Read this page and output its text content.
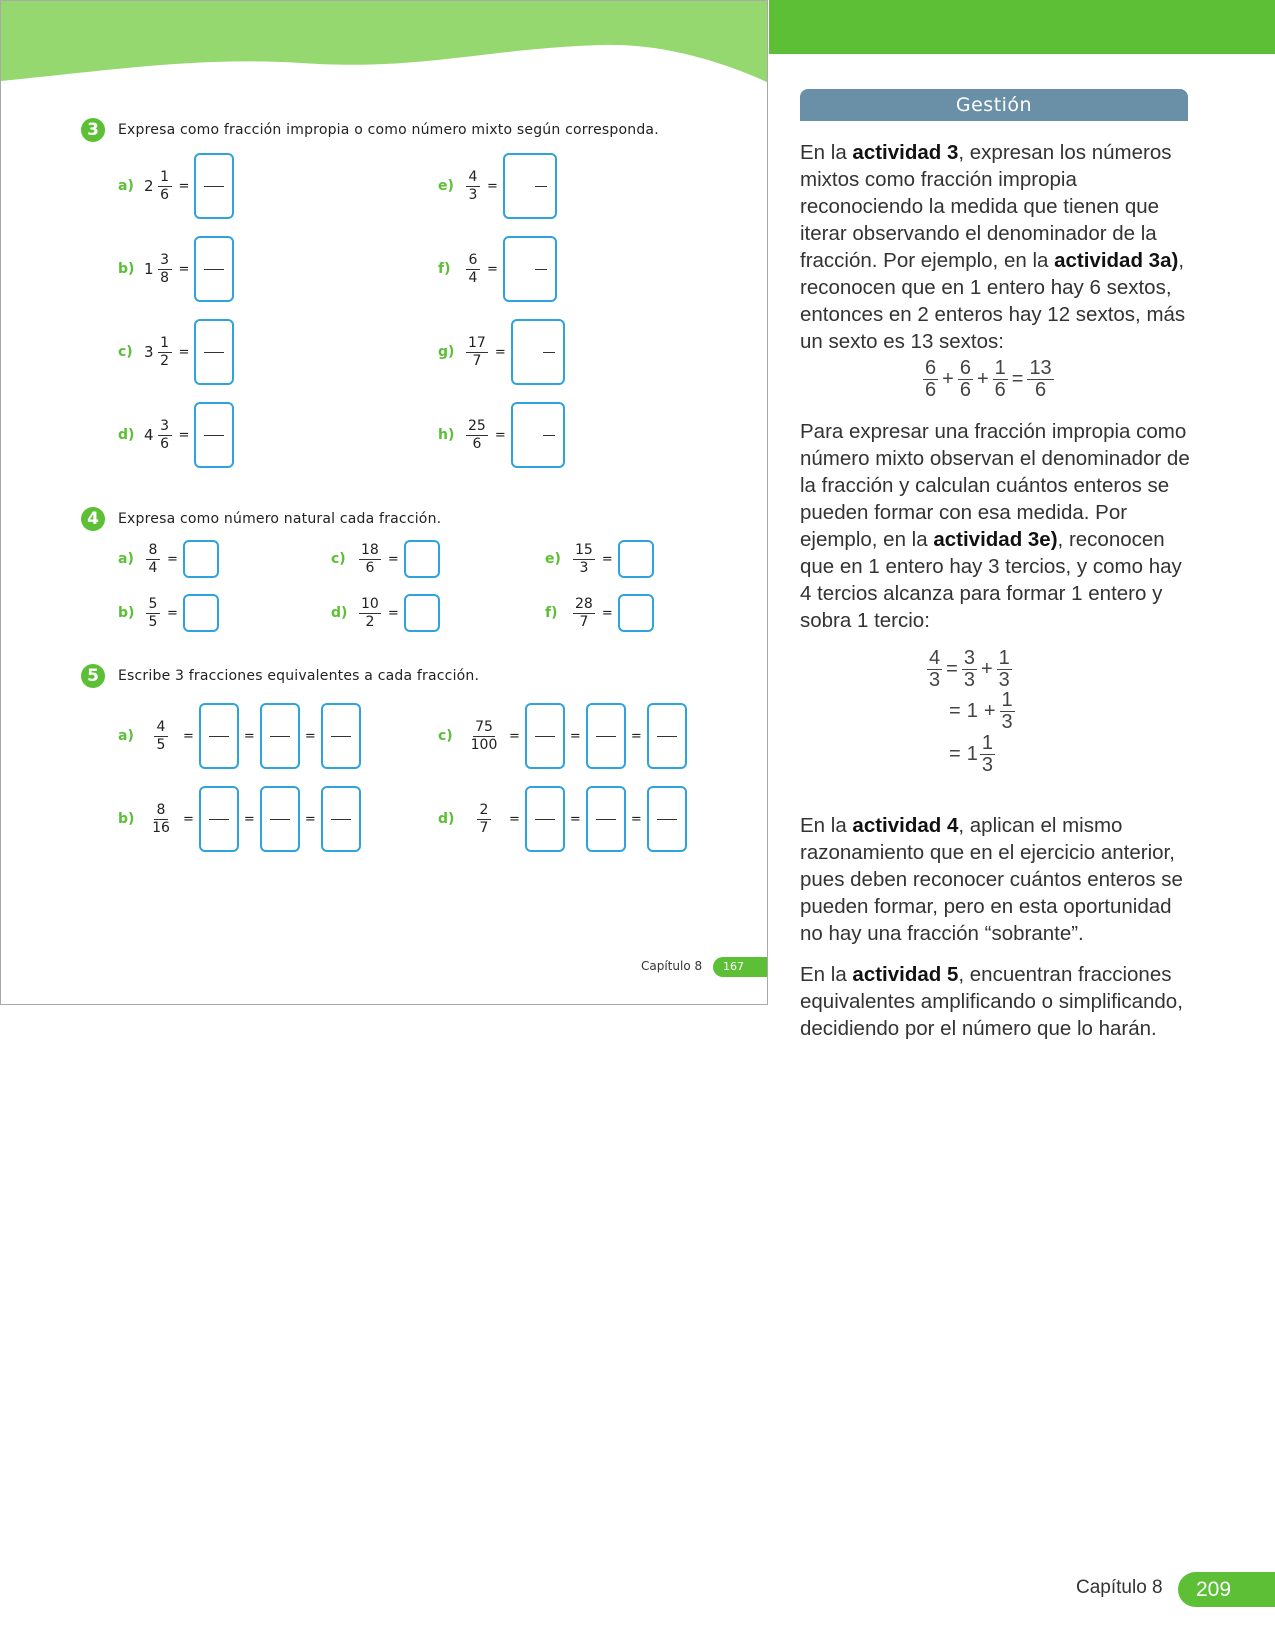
3	Expresa como fracción impropia o como número mixto según corresponda.
a) $2 \frac{1}{6}$ =
b) $1 \frac{3}{8}$ =
c) $3 \frac{1}{2}$ =
d) $4 \frac{3}{6}$ =
$e) \frac{4}{3}$ =
f)	$\frac{6}{4}$ =
$g) \frac{17}{7}$ =
$h) \frac{25}{6}$ =
4	Expresa como número natural cada fracción.
$a) \frac{8}{4}$ =
$b) \frac{5}{5}$ =
$c) \frac{18}{6}$ =
$d) \frac{10}{2}$ =
$e) \frac{15}{3}$ =
f)	$\frac{28}{7}$ =
5	Escribe 3 fracciones equivalentes a cada fracción.
$a) \frac{4}{5}$ =	=	=
$b) \frac{8}{16}$ =	=	=
$c) \frac{75}{100}$ =	=	=
$d) \frac{2}{7}$ =	=	=
Capítulo 8	167
Gestión
En la actividad 3, expresan los números mixtos como fracción impropia reconociendo la medida que tienen que iterar observando el denominador de la fracción. Por ejemplo, en la actividad 3a), reconocen que en 1 entero hay 6 sextos, entonces en 2 enteros hay 12 sextos, más un sexto es 13 sextos:
6
$6 + \frac{6}{6} + \frac{1}{6} = \frac{13}{6}$
Para expresar una fracción impropia como número mixto observan el denominador de la fracción y calculan cuántos enteros se pueden formar con esa medida. Por ejemplo, en la actividad 3e), reconocen que en 1 entero hay 3 tercios, y como hay 4 tercios alcanza para formar 1 entero y sobra 1 tercio:
$\frac{4}{3} = \frac{3}{3} + \frac{1}{3}$
= $1 + \frac{1}{3}$
= 1 1
3
En la actividad 4, aplican el mismo razonamiento que en el ejercicio anterior, pues deben reconocer cuántos enteros se pueden formar, pero en esta oportunidad no hay una fracción “sobrante”.
En la actividad 5, encuentran fracciones equivalentes amplificando o simplificando, decidiendo por el número que lo harán.
Capítulo 8	209
